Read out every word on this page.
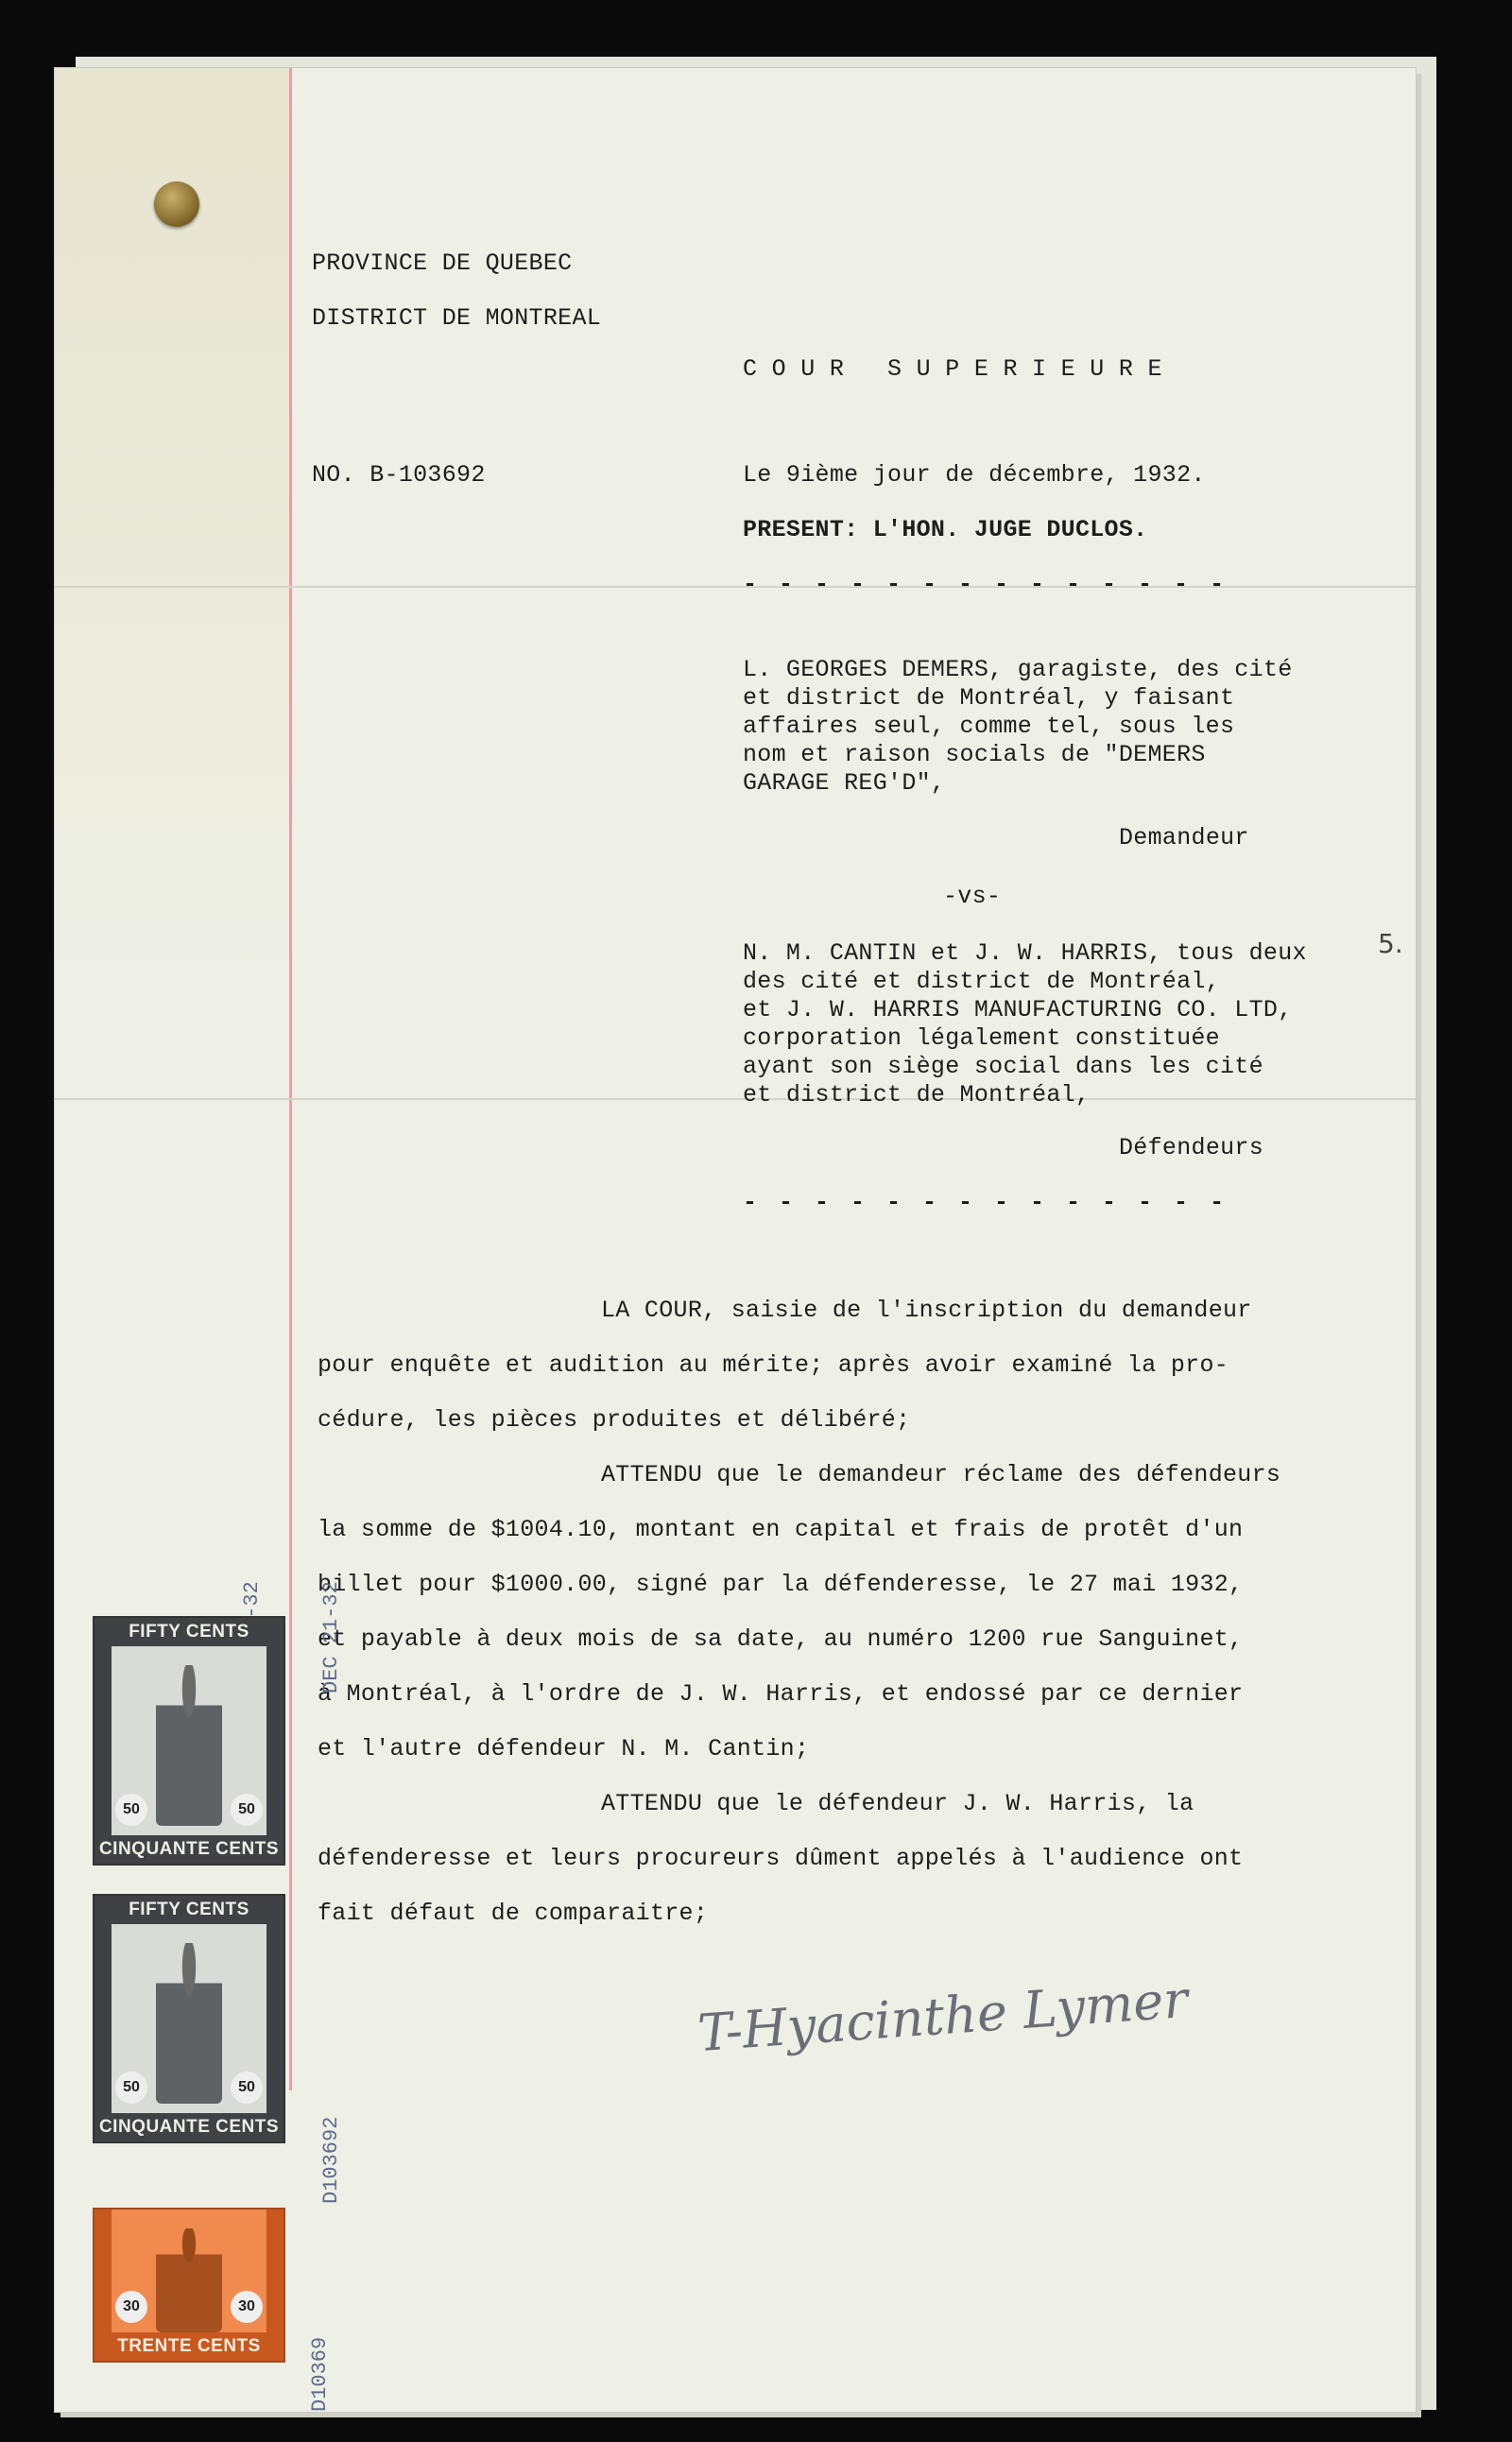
PROVINCE DE QUEBEC
DISTRICT DE MONTREAL
C O U R   S U P E R I E U R E
NO. B-103692	Le 9ième jour de décembre, 1932.
PRESENT: L'HON. JUGE DUCLOS.
- - - - - - - - - - - - - -
L. GEORGES DEMERS, garagiste, des cité
et district de Montréal, y faisant
affaires seul, comme tel, sous les
nom et raison socials de "DEMERS
GARAGE REG'D",
Demandeur
-vs-
5.
N. M. CANTIN et J. W. HARRIS, tous deux
des cité et district de Montréal,
et J. W. HARRIS MANUFACTURING CO. LTD,
corporation légalement constituée
ayant son siège social dans les cité
et district de Montréal,
Défendeurs
- - - - - - - - - - - - - -
LA COUR, saisie de l'inscription du demandeur
pour enquête et audition au mérite; après avoir examiné la pro-
cédure, les pièces produites et délibéré;
ATTENDU que le demandeur réclame des défendeurs
la somme de $1004.10, montant en capital et frais de protêt d'un
billet pour $1000.00, signé par la défenderesse, le 27 mai 1932,
et payable à deux mois de sa date, au numéro 1200 rue Sanguinet,
à Montréal, à l'ordre de J. W. Harris, et endossé par ce dernier
et l'autre défendeur N. M. Cantin;
ATTENDU que le défendeur J. W. Harris, la
défenderesse et leurs procureurs dûment appelés à l'audience ont
fait défaut de comparaitre;
T-Hyacinthe Lymer
DEC 21-32
D103692
D10369
FIFTY CENTS
50	50
CINQUANTE CENTS
FIFTY CENTS
50	50
CINQUANTE CENTS
30	30
TRENTE CENTS
